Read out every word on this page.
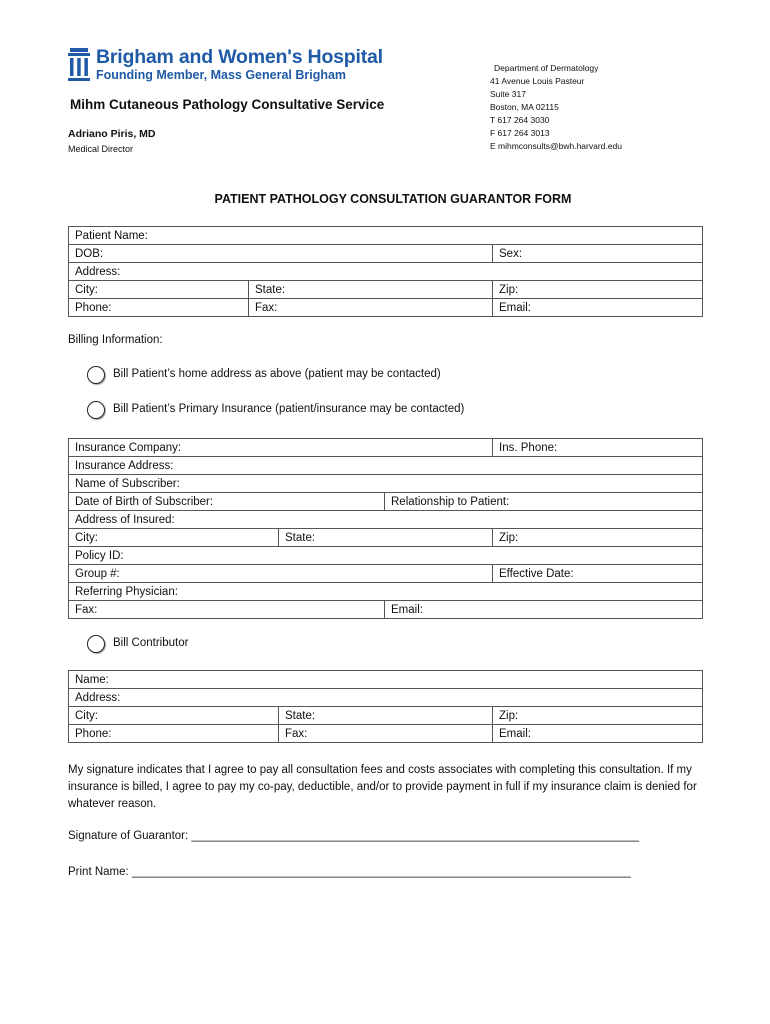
Brigham and Women's Hospital
Founding Member, Mass General Brigham
Mihm Cutaneous Pathology Consultative Service
Adriano Piris, MD
Medical Director
Department of Dermatology
41 Avenue Louis Pasteur
Suite 317
Boston, MA 02115
T 617 264 3030
F 617 264 3013
E mihmconsults@bwh.harvard.edu
PATIENT PATHOLOGY CONSULTATION GUARANTOR FORM
Patient Name:		
DOB:		Sex:
Address:		
City:	State:	Zip:
Phone:	Fax:	Email:
Billing Information:
Bill Patient’s home address as above (patient may be contacted)
Bill Patient’s Primary Insurance (patient/insurance may be contacted)
Insurance Company:			Ins. Phone:
Insurance Address:			
Name of Subscriber:			
Date of Birth of Subscriber:		Relationship to Patient:	
Address of Insured:			
City:	State:		Zip:
Policy ID:			
Group #:			Effective Date:
Referring Physician:			
Fax:		Email:	
Bill Contributor
Name:		
Address:		
City:	State:	Zip:
Phone:	Fax:	Email:
My signature indicates that I agree to pay all consultation fees and costs associates with completing this consultation. If my insurance is billed, I agree to pay my co-pay, deductible, and/or to provide payment in full if my insurance claim is denied for whatever reason.
Signature of Guarantor: ______________________________________________________________________
Print Name: ______________________________________________________________________________
